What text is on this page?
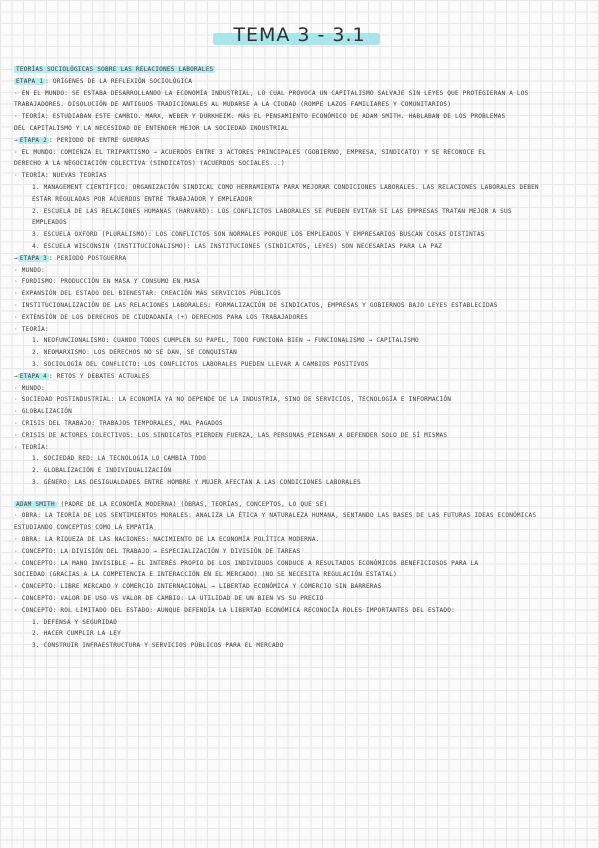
TEMA 3 - 3.1
TEORÍAS SOCIOLÓGICAS SOBRE LAS RELACIONES LABORALES
ETAPA 1 : ORÍGENES DE LA REFLEXIÓN SOCIOLÓGICA
· EN EL MUNDO: SE ESTABA DESARROLLANDO LA ECONOMÍA INDUSTRIAL, LO CUAL PROVOCA UN CAPITALISMO SALVAJE SIN LEYES QUE PROTEGIERAN A LOS
TRABAJADORES. DISOLUCIÓN DE ANTIGUOS TRADICIONALES AL MUDARSE A LA CIUDAD (ROMPE LAZOS FAMILIARES Y COMUNITARIOS)
· TEORÍA: ESTUDIABAN ESTE CAMBIO. MARX, WEBER Y DURKHEIM. MÁS EL PENSAMIENTO ECONÓMICO DE ADAM SMITH. HABLABAN DE LOS PROBLEMAS
DEL CAPITALISMO Y LA NECESIDAD DE ENTENDER MEJOR LA SOCIEDAD INDUSTRIAL
→ ETAPA 2 : PERIODO DE ENTRE GUERRAS
· EL MUNDO: COMIENZA EL TRIPARTISMO → ACUERDOS ENTRE 3 ACTORES PRINCIPALES (GOBIERNO, EMPRESA, SINDICATO) Y SE RECONOCE EL
DERECHO A LA NEGOCIACIÓN COLECTIVA (SINDICATOS) (ACUERDOS SOCIALES...)
· TEORÍA: NUEVAS TEORÍAS
1. MANAGEMENT CIENTÍFICO: ORGANIZACIÓN SINDICAL COMO HERRAMIENTA PARA MEJORAR CONDICIONES LABORALES. LAS RELACIONES LABORALES DEBEN
ESTAR REGULADAS POR ACUERDOS ENTRE TRABAJADOR Y EMPLEADOR
2. ESCUELA DE LAS RELACIONES HUMANAS (HARVARD): LOS CONFLICTOS LABORALES SE PUEDEN EVITAR SI LAS EMPRESAS TRATAN MEJOR A SUS
EMPLEADOS
3. ESCUELA OXFORD (PLURALISMO): LOS CONFLICTOS SON NORMALES PORQUE LOS EMPLEADOS Y EMPRESARIOS BUSCAN COSAS DISTINTAS
4. ESCUELA WISCONSIN (INSTITUCIONALISMO): LAS INSTITUCIONES (SINDICATOS, LEYES) SON NECESARIAS PARA LA PAZ
→ ETAPA 3 : PERIODO POSTGUERRA
· MUNDO:
· FORDISMO: PRODUCCIÓN EN MASA Y CONSUMO EN MASA
· EXPANSIÓN DEL ESTADO DEL BIENESTAR: CREACIÓN MÁS SERVICIOS PÚBLICOS
· INSTITUCIONALIZACIÓN DE LAS RELACIONES LABORALES: FORMALIZACIÓN DE SINDICATOS, EMPRESAS Y GOBIERNOS BAJO LEYES ESTABLECIDAS
· EXTENSIÓN DE LOS DERECHOS DE CIUDADANÍA (+) DERECHOS PARA LOS TRABAJADORES
· TEORÍA:
1. NEOFUNCIONALISMO: CUANDO TODOS CUMPLEN SU PAPEL, TODO FUNCIONA BIEN → FUNCIONALISMO → CAPITALISMO
2. NEOMARXISMO: LOS DERECHOS NO SE DAN, SE CONQUISTAN
3. SOCIOLOGÍA DEL CONFLICTO: LOS CONFLICTOS LABORALES PUEDEN LLEVAR A CAMBIOS POSITIVOS
→ ETAPA 4 : RETOS Y DEBATES ACTUALES
· MUNDO:
· SOCIEDAD POSTINDUSTRIAL: LA ECONOMÍA YA NO DEPENDE DE LA INDUSTRIA, SINO DE SERVICIOS, TECNOLOGÍA E INFORMACIÓN
· GLOBALIZACIÓN
· CRISIS DEL TRABAJO: TRABAJOS TEMPORALES, MAL PAGADOS
· CRISIS DE ACTORES COLECTIVOS: LOS SINDICATOS PIERDEN FUERZA, LAS PERSONAS PIENSAN A DEFENDER SOLO DE SÍ MISMAS
· TEORÍA:
1. SOCIEDAD RED: LA TECNOLOGÍA LO CAMBIA TODO
2. GLOBALIZACIÓN E INDIVIDUALIZACIÓN
3. GÉNERO: LAS DESIGUALDADES ENTRE HOMBRE Y MUJER AFECTAN A LAS CONDICIONES LABORALES
ADAM SMITH (PADRE DE LA ECONOMÍA MODERNA) (OBRAS, TEORÍAS, CONCEPTOS, LO QUE SE)
· OBRA: LA TEORÍA DE LOS SENTIMIENTOS MORALES: ANALIZA LA ÉTICA Y NATURALEZA HUMANA, SENTANDO LAS BASES DE LAS FUTURAS IDEAS ECONÓMICAS
ESTUDIANDO CONCEPTOS COMO LA EMPATÍA
· OBRA: LA RIQUEZA DE LAS NACIONES: NACIMIENTO DE LA ECONOMÍA POLÍTICA MODERNA.
· CONCEPTO: LA DIVISIÓN DEL TRABAJO → ESPECIALIZACIÓN Y DIVISIÓN DE TAREAS
· CONCEPTO: LA MANO INVISIBLE → EL INTERÉS PROPIO DE LOS INDIVIDUOS CONDUCE A RESULTADOS ECONÓMICOS BENEFICIOSOS PARA LA
SOCIEDAD (GRACIAS A LA COMPETENCIA E INTERACCIÓN EN EL MERCADO) (NO SE NECESITA REGULACIÓN ESTATAL)
· CONCEPTO: LIBRE MERCADO Y COMERCIO INTERNACIONAL → LIBERTAD ECONÓMICA Y COMERCIO SIN BARRERAS
· CONCEPTO: VALOR DE USO VS VALOR DE CAMBIO: LA UTILIDAD DE UN BIEN VS SU PRECIO
· CONCEPTO: ROL LIMITADO DEL ESTADO: AUNQUE DEFENDÍA LA LIBERTAD ECONÓMICA RECONOCÍA ROLES IMPORTANTES DEL ESTADO:
1. DEFENSA Y SEGURIDAD
2. HACER CUMPLIR LA LEY
3. CONSTRUIR INFRAESTRUCTURA Y SERVICIOS PÚBLICOS PARA EL MERCADO
